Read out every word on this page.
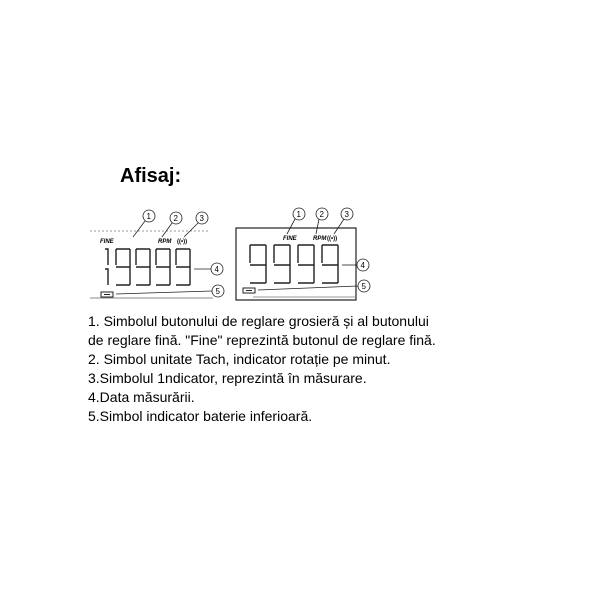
Afisaj:
FINE	RPM ((•))
1	2	3
4
5
FINE	RPM ((•))
1 2	3
4
5
1. Simbolul butonului de reglare grosieră și al butonului
de reglare fină. "Fine" reprezintă butonul de reglare fină.
2. Simbol unitate Tach, indicator rotație pe minut.
3.Simbolul 1ndicator, reprezintă în măsurare.
4.Data măsurării.
5.Simbol indicator baterie inferioară.
